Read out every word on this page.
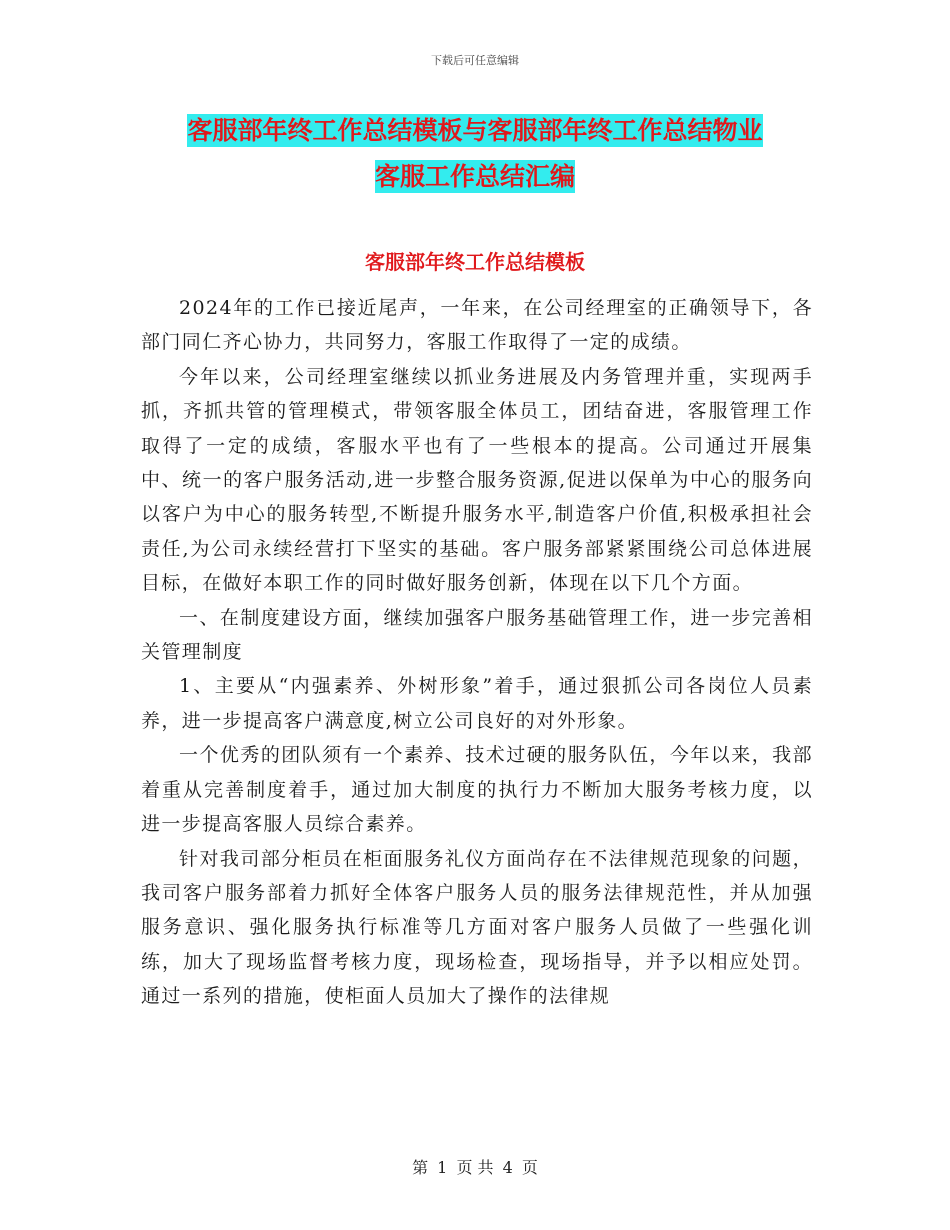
下载后可任意编辑
客服部年终工作总结模板与客服部年终工作总结物业
客服工作总结汇编
客服部年终工作总结模板

2024年的工作已接近尾声，一年来，在公司经理室的正确领导下，各部门同仁齐心协力，共同努力，客服工作取得了一定的成绩。

今年以来，公司经理室继续以抓业务进展及内务管理并重，实现两手抓，齐抓共管的管理模式，带领客服全体员工，团结奋进，客服管理工作取得了一定的成绩，客服水平也有了一些根本的提高。公司通过开展集中、统一的客户服务活动,进一步整合服务资源,促进以保单为中心的服务向以客户为中心的服务转型,不断提升服务水平,制造客户价值,积极承担社会责任,为公司永续经营打下坚实的基础。客户服务部紧紧围绕公司总体进展目标，在做好本职工作的同时做好服务创新，体现在以下几个方面。

一、在制度建设方面，继续加强客户服务基础管理工作，进一步完善相关管理制度

1、主要从“内强素养、外树形象”着手，通过狠抓公司各岗位人员素养，进一步提高客户满意度,树立公司良好的对外形象。

一个优秀的团队须有一个素养、技术过硬的服务队伍，今年以来，我部着重从完善制度着手，通过加大制度的执行力不断加大服务考核力度，以进一步提高客服人员综合素养。

针对我司部分柜员在柜面服务礼仪方面尚存在不法律规范现象的问题，我司客户服务部着力抓好全体客户服务人员的服务法律规范性，并从加强服务意识、强化服务执行标准等几方面对客户服务人员做了一些强化训练，加大了现场监督考核力度，现场检查，现场指导，并予以相应处罚。通过一系列的措施，使柜面人员加大了操作的法律规

第 1 页 共 4 页
